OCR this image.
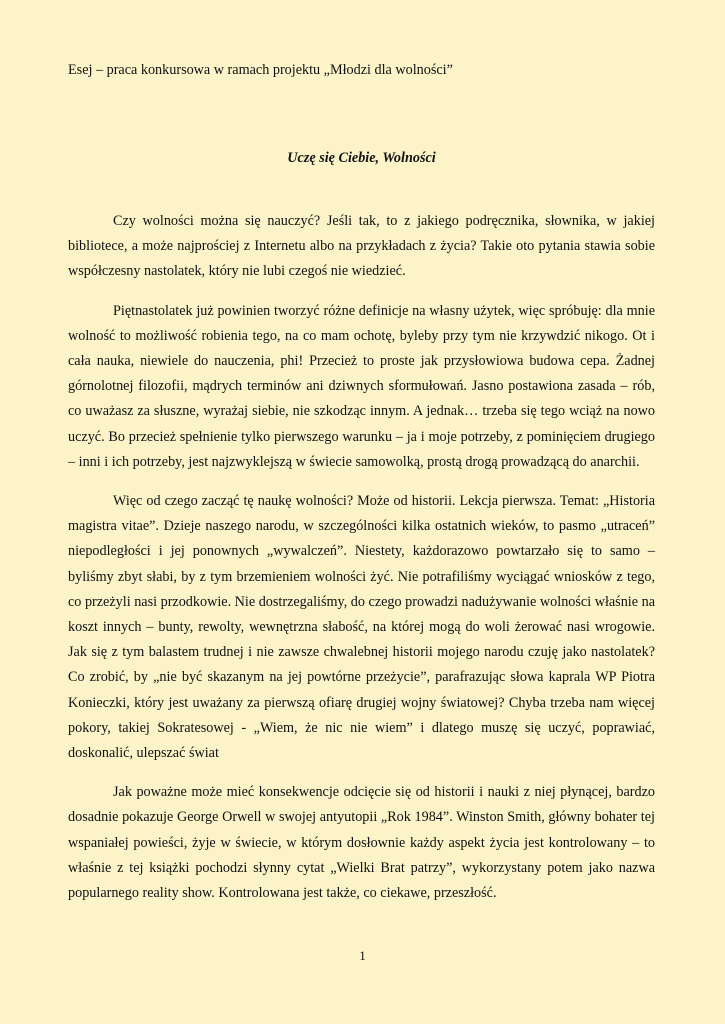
Esej – praca konkursowa w ramach projektu „Młodzi dla wolności”

Uczę się Ciebie, Wolności

Czy wolności można się nauczyć? Jeśli tak, to z jakiego podręcznika, słownika, w jakiej bibliotece, a może najprościej z Internetu albo na przykładach z życia? Takie oto pytania stawia sobie współczesny nastolatek, który nie lubi czegoś nie wiedzieć.

Piętnastolatek już powinien tworzyć różne definicje na własny użytek, więc spróbuję: dla mnie wolność to możliwość robienia tego, na co mam ochotę, byleby przy tym nie krzywdzić nikogo. Ot i cała nauka, niewiele do nauczenia, phi! Przecież to proste jak przysłowiowa budowa cepa. Żadnej górnolotnej filozofii, mądrych terminów ani dziwnych sformułowań. Jasno postawiona zasada – rób, co uważasz za słuszne, wyrażaj siebie, nie szkodząc innym. A jednak… trzeba się tego wciąż na nowo uczyć. Bo przecież spełnienie tylko pierwszego warunku – ja i moje potrzeby, z pominięciem drugiego – inni i ich potrzeby, jest najzwyklejszą w świecie samowolką, prostą drogą prowadzącą do anarchii.

Więc od czego zacząć tę naukę wolności? Może od historii. Lekcja pierwsza. Temat: „Historia magistra vitae”. Dzieje naszego narodu, w szczególności kilka ostatnich wieków, to pasmo „utraceń” niepodległości i jej ponownych „wywalczeń”. Niestety, każdorazowo powtarzało się to samo – byliśmy zbyt słabi, by z tym brzemieniem wolności żyć. Nie potrafiliśmy wyciągać wniosków z tego, co przeżyli nasi przodkowie. Nie dostrzegaliśmy, do czego prowadzi nadużywanie wolności właśnie na koszt innych – bunty, rewolty, wewnętrzna słabość, na której mogą do woli żerować nasi wrogowie. Jak się z tym balastem trudnej i nie zawsze chwalebnej historii mojego narodu czuję jako nastolatek? Co zrobić, by „nie być skazanym na jej powtórne przeżycie”, parafrazując słowa kaprala WP Piotra Konieczki, który jest uważany za pierwszą ofiarę drugiej wojny światowej? Chyba trzeba nam więcej pokory, takiej Sokratesowej - „Wiem, że nic nie wiem” i dlatego muszę się uczyć, poprawiać, doskonalić, ulepszać świat

Jak poważne może mieć konsekwencje odcięcie się od historii i nauki z niej płynącej, bardzo dosadnie pokazuje George Orwell w swojej antyutopii „Rok 1984”. Winston Smith, główny bohater tej wspaniałej powieści, żyje w świecie, w którym dosłownie każdy aspekt życia jest kontrolowany – to właśnie z tej książki pochodzi słynny cytat „Wielki Brat patrzy”, wykorzystany potem jako nazwa popularnego reality show. Kontrolowana jest także, co ciekawe, przeszłość.

1
